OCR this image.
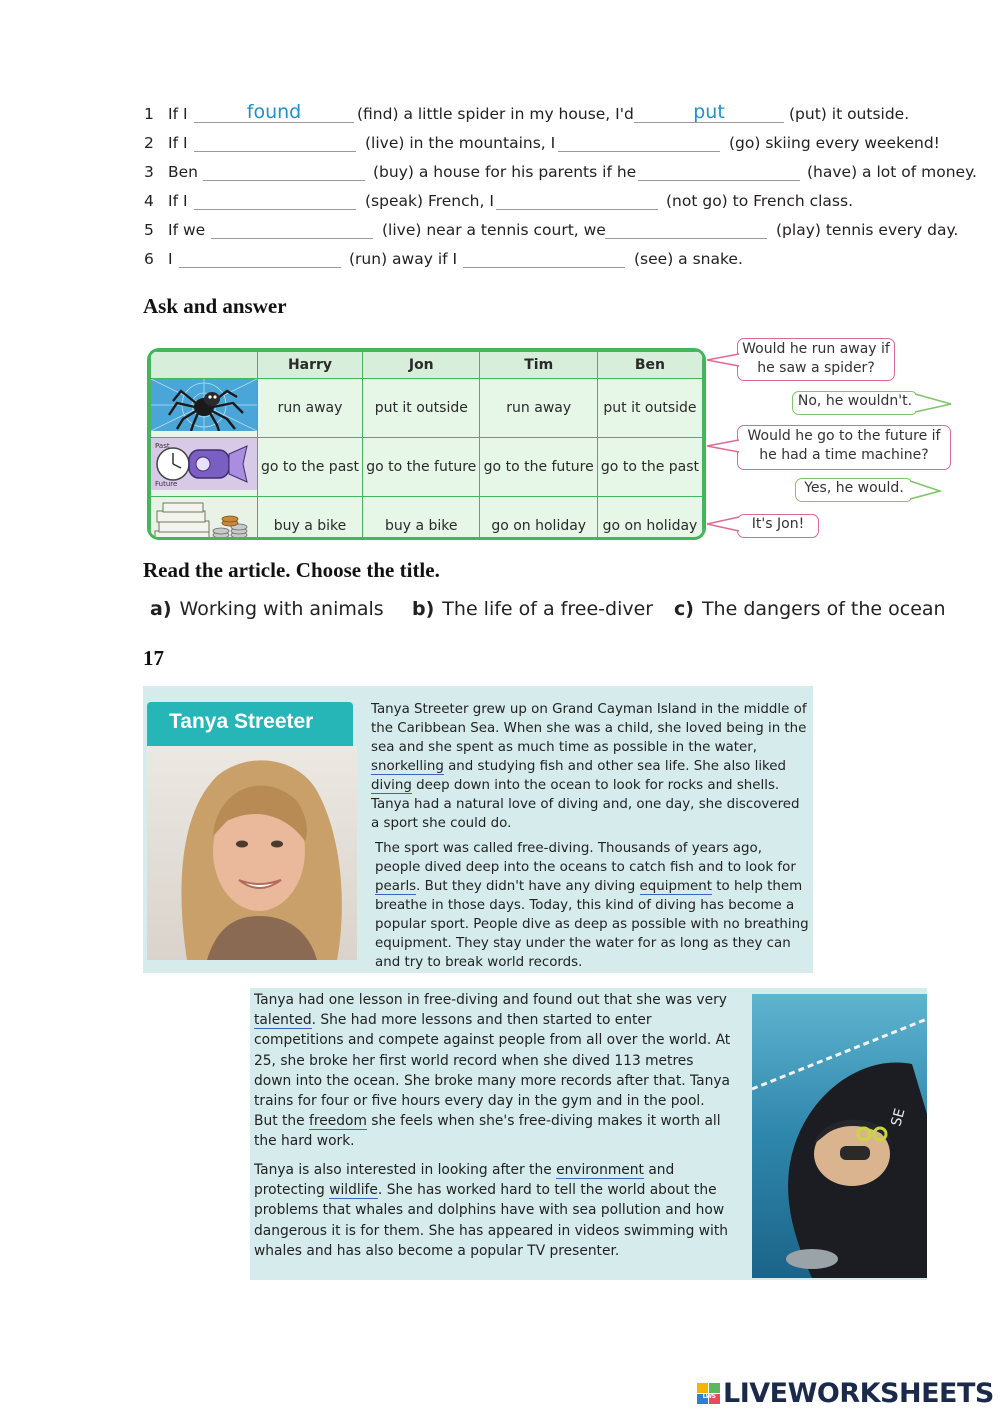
1 If I
found	(find) a little spider in my house, I'd
put	(put) it outside.
2 If I	(live) in the mountains, I	(go) skiing every weekend!
3 Ben	(buy) a house for his parents if he	(have) a lot of money.
4 If I	(speak) French, I	(not go) to French class.
5 If we	(live) near a tennis court, we	(play) tennis every day.
6 I	(run) away if I	(see) a snake.
Ask and answer
	Harry	Jon	Tim	Ben
	run away	put it outside	run away	put it outside

Past
Future	go to the past	go to the future	go to the future	go to the past
	buy a bike	buy a bike	go on holiday	go on holiday
Would he run away if he saw a spider?
No, he wouldn't.
Would he go to the future if he had a time machine?
Yes, he would.
It's Jon!
Read the article. Choose the title.
a) Working with animals b) The life of a free-diver c) The dangers of the ocean
17
Tanya Streeter
Tanya Streeter grew up on Grand Cayman Island in the middle of the Caribbean Sea. When she was a child, she loved being in the sea and she spent as much time as possible in the water, snorkelling and studying fish and other sea life. She also liked diving deep down into the ocean to look for rocks and shells. Tanya had a natural love of diving and, one day, she discovered a sport she could do.
The sport was called free-diving. Thousands of years ago, people dived deep into the oceans to catch fish and to look for pearls. But they didn't have any diving equipment to help them breathe in those days. Today, this kind of diving has become a popular sport. People dive as deep as possible with no breathing equipment. They stay under the water for as long as they can and try to break world records.
Tanya had one lesson in free-diving and found out that she was very talented. She had more lessons and then started to enter competitions and compete against people from all over the world. At 25, she broke her first world record when she dived 113 metres down into the ocean. She broke many more records after that. Tanya trains for four or five hours every day in the gym and in the pool. But the freedom she feels when she's free-diving makes it worth all the hard work.
Tanya is also interested in looking after the environment and protecting wildlife. She has worked hard to tell the world about the problems that whales and dolphins have with sea pollution and how dangerous it is for them. She has appeared in videos swimming with whales and has also become a popular TV presenter.
SE
LWS LIVEWORKSHEETS
